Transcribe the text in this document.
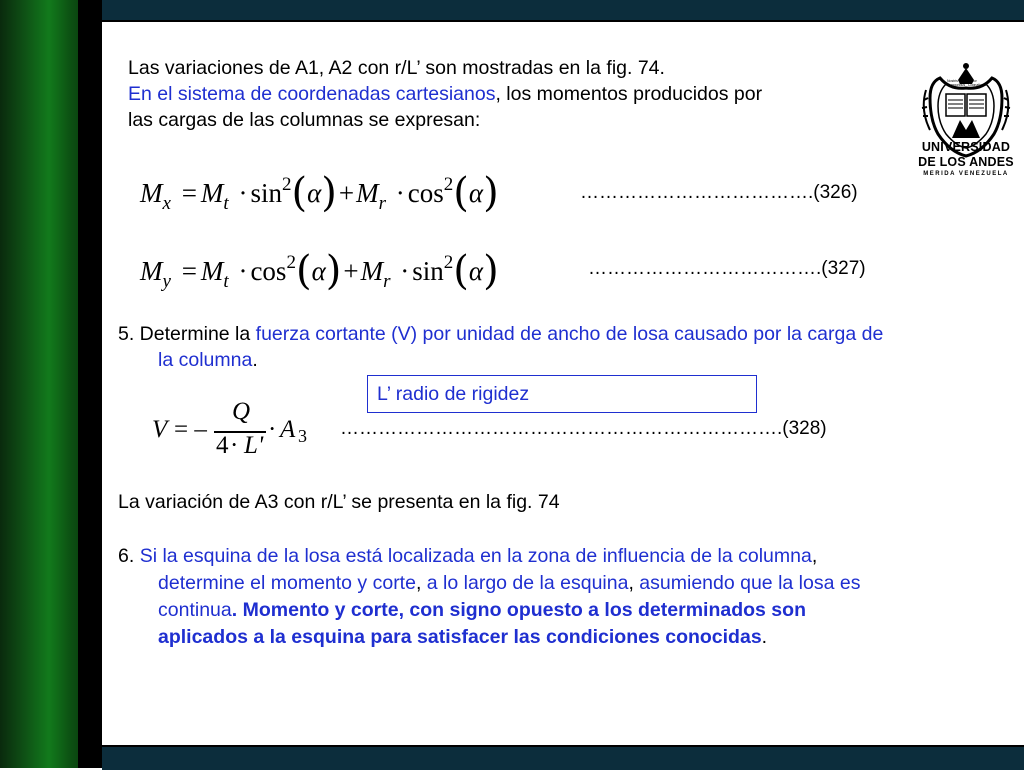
UNIVERSIDAD
DE LOS ANDES
MERIDA VENEZUELA
Nostris Temporibus
Maior Cognatione
Las variaciones de A1, A2 con r/L’ son mostradas en la fig. 74.
En el sistema de coordenadas cartesianos, los momentos producidos por
las cargas de las columnas se expresan:
$M_x = M_t \cdot \sin^2(\alpha)+M_r \cdot \cos^2(\alpha)$	……………………………….(326)
$M_y = M_t \cdot \cos^2(\alpha)+M_r \cdot \sin^2(\alpha)$	……………………………….(327)
5. Determine la fuerza cortante (V) por unidad de ancho de losa causado por la carga de
la columna.
L’ radio de rigidez
V = –
Q
4 · L'
· A 3 …………………………………………………………….(328)
La variación de A3 con r/L’ se presenta en la fig. 74
6. Si la esquina de la losa está localizada en la zona de influencia de la columna,
determine el momento y corte, a lo largo de la esquina, asumiendo que la losa es
continua. Momento y corte, con signo opuesto a los determinados son
aplicados a la esquina para satisfacer las condiciones conocidas.
